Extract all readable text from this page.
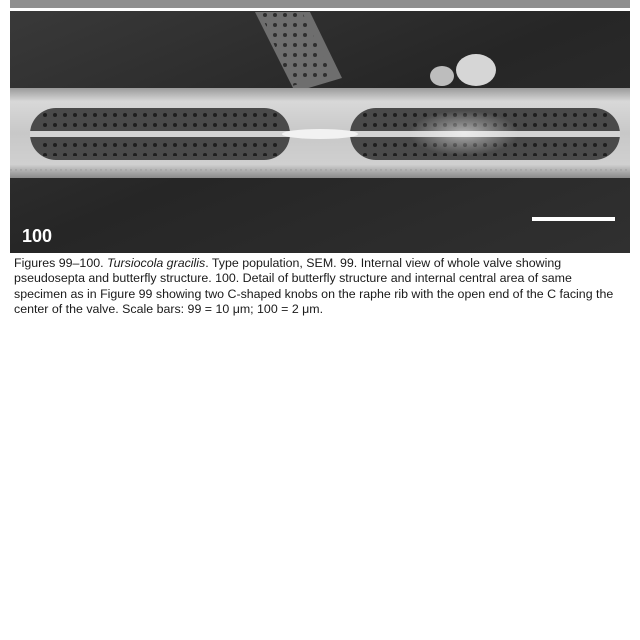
100
Figures 99–100. Tursiocola gracilis. Type population, SEM. 99. Internal view of whole valve showing pseudosepta and butterfly structure. 100. Detail of butterfly structure and internal central area of same specimen as in Figure 99 showing two C-shaped knobs on the raphe rib with the open end of the C facing the center of the valve. Scale bars: 99 = 10 μm; 100 = 2 μm.
